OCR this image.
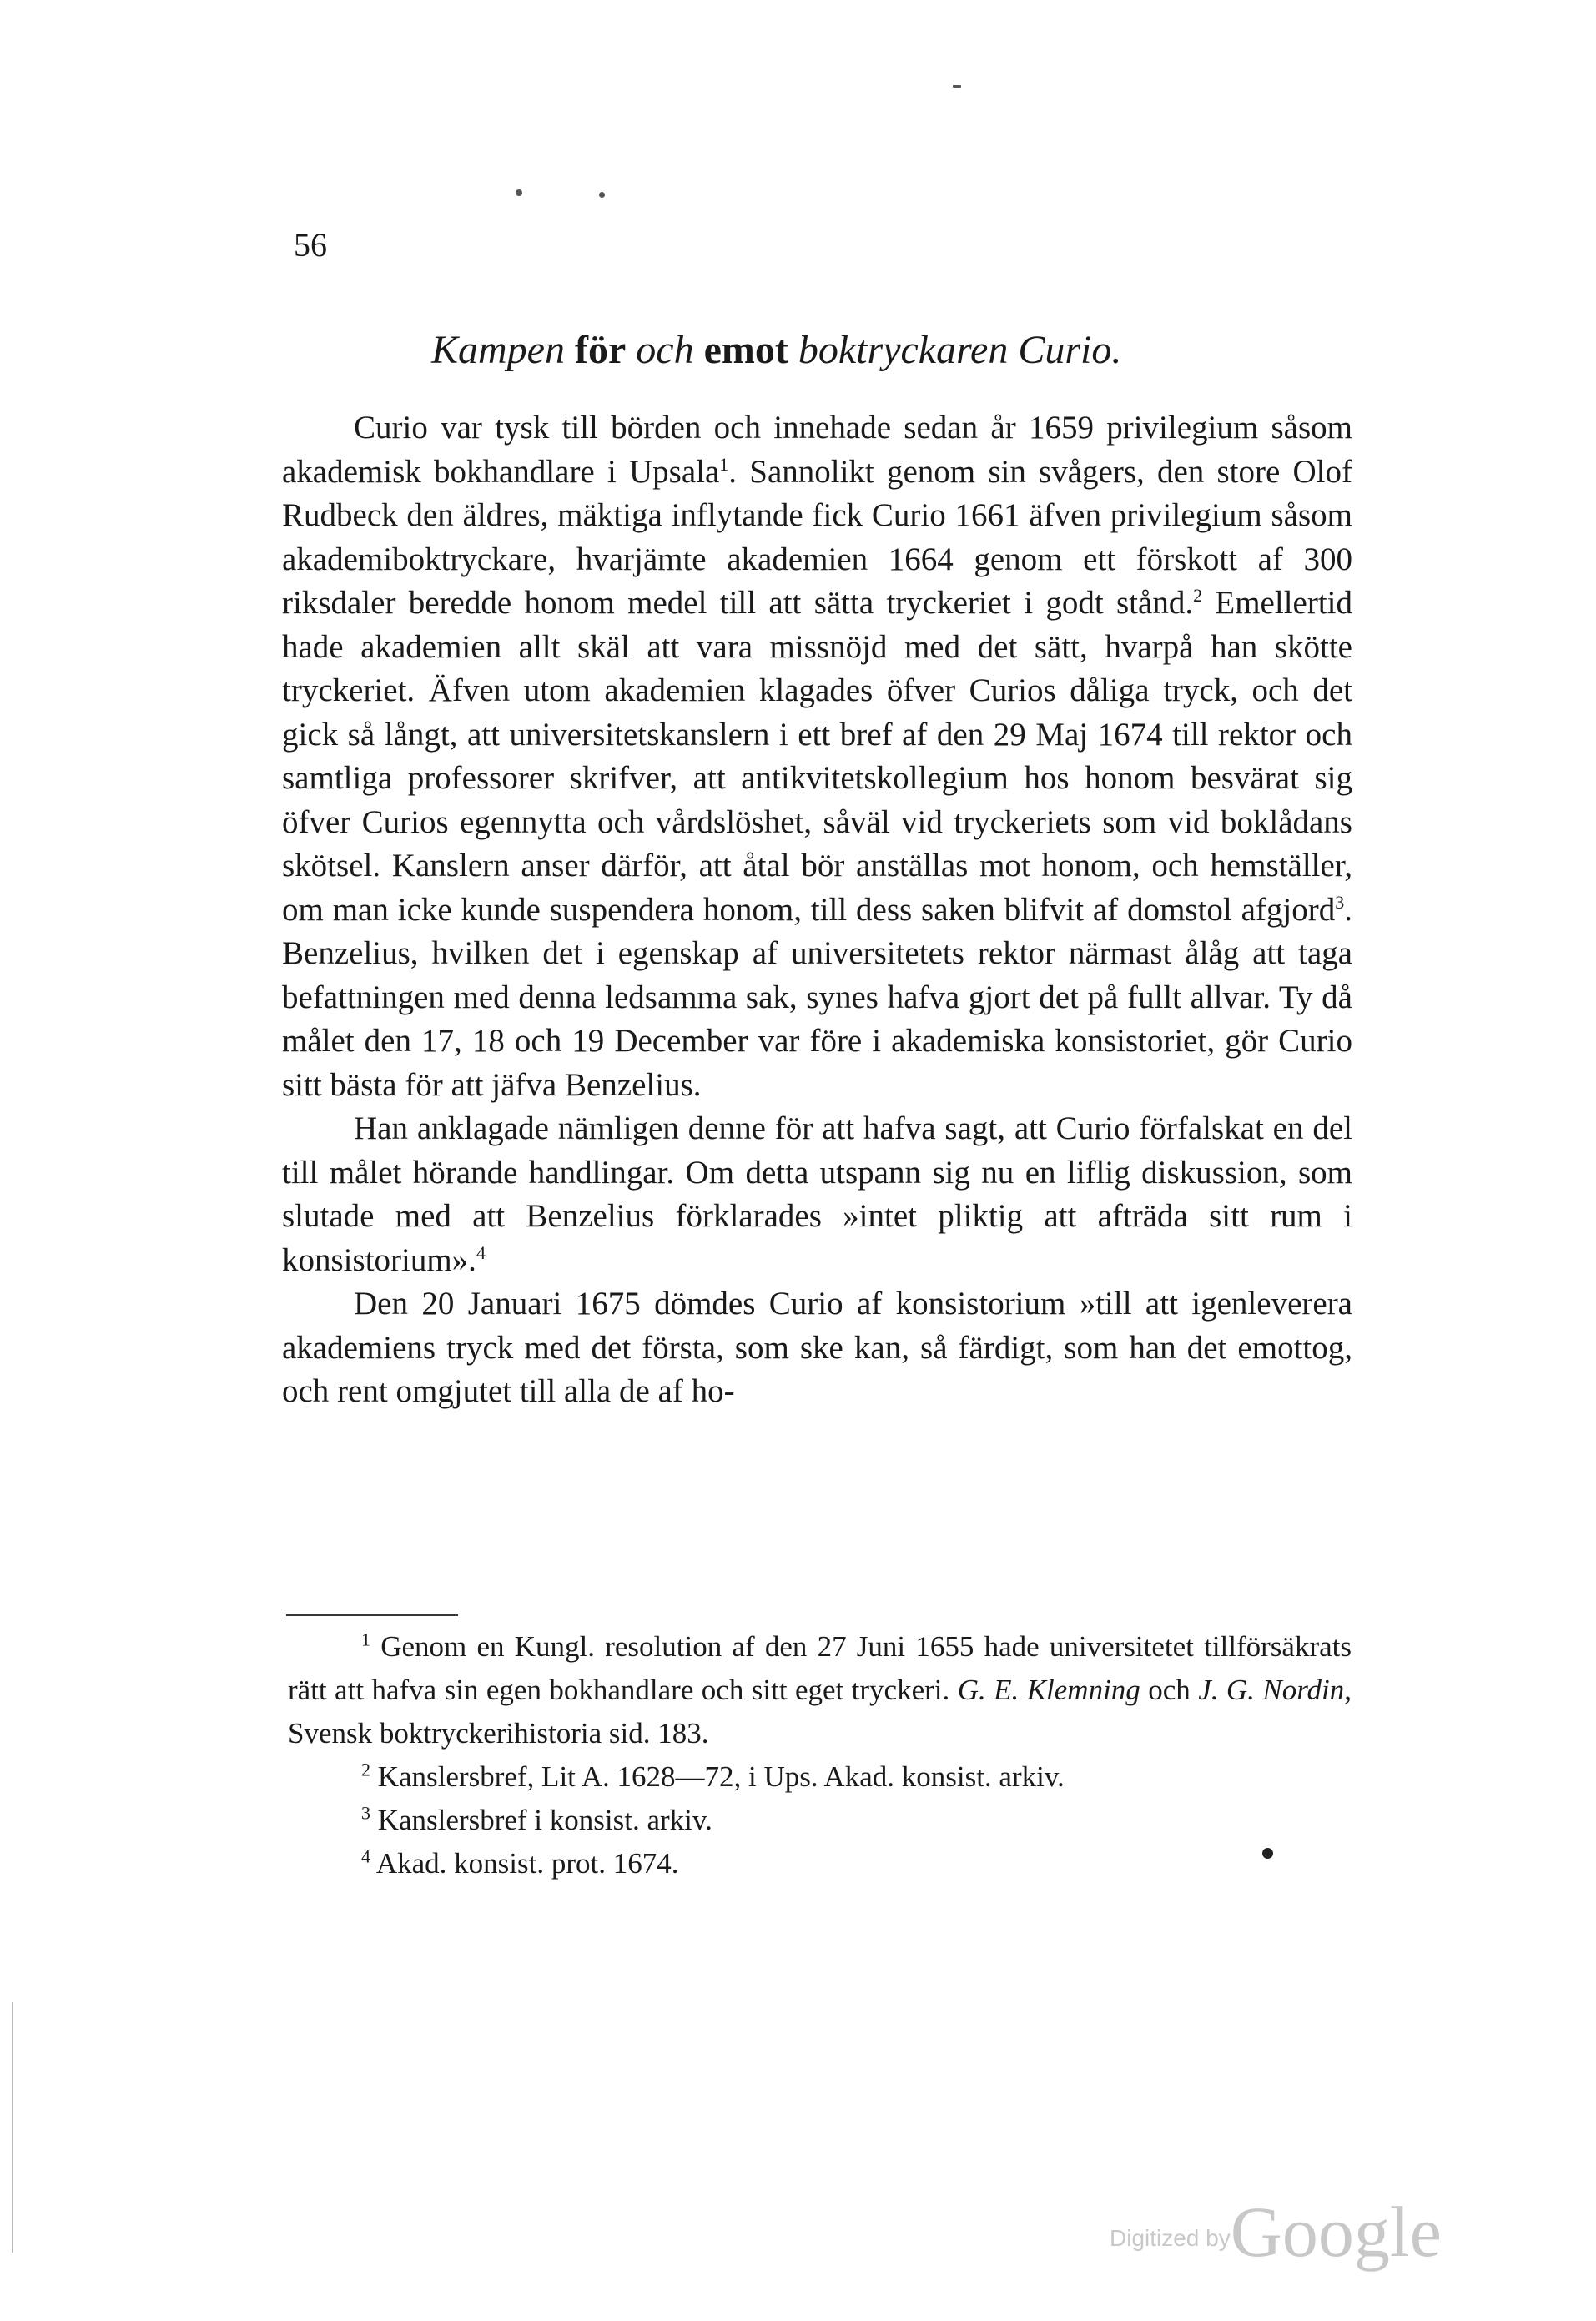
56
Kampen för och emot boktryckaren Curio.

Curio var tysk till börden och innehade sedan år 1659 privilegium såsom akademisk bokhandlare i Upsala$^1$. Sannolikt genom sin svågers, den store Olof Rudbeck den äldres, mäktiga inflytande fick Curio 1661 äfven privilegium såsom akademiboktryckare, hvarjämte akademien 1664 genom ett förskott af 300 riksdaler beredde honom medel till att sätta tryckeriet i godt stånd.$^2$ Emellertid hade akademien allt skäl att vara missnöjd med det sätt, hvarpå han skötte tryckeriet. Äfven utom akademien klagades öfver Curios dåliga tryck, och det gick så långt, att universitetskanslern i ett bref af den 29 Maj 1674 till rektor och samtliga professorer skrifver, att antikvitetskollegium hos honom besvärat sig öfver Curios egennytta och vårdslöshet, såväl vid tryckeriets som vid boklådans skötsel. Kanslern anser därför, att åtal bör anställas mot honom, och hemställer, om man icke kunde suspendera honom, till dess saken blifvit af domstol afgjord$^3$. Benzelius, hvilken det i egenskap af universitetets rektor närmast ålåg att taga befattningen med denna ledsamma sak, synes hafva gjort det på fullt allvar. Ty då målet den 17, 18 och 19 December var före i akademiska konsistoriet, gör Curio sitt bästa för att jäfva Benzelius.

Han anklagade nämligen denne för att hafva sagt, att Curio förfalskat en del till målet hörande handlingar. Om detta utspann sig nu en liflig diskussion, som slutade med att Benzelius förklarades »intet pliktig att afträda sitt rum i konsistorium».$^4$

Den 20 Januari 1675 dömdes Curio af konsistorium »till att igenleverera akademiens tryck med det första, som ske kan, så färdigt, som han det emottog, och rent omgjutet till alla de af ho-

$^1$ Genom en Kungl. resolution af den 27 Juni 1655 hade universitetet tillförsäkrats rätt att hafva sin egen bokhandlare och sitt eget tryckeri. G. E. Klemning och J. G. Nordin, Svensk boktryckerihistoria sid. 183.

$^2$ Kanslersbref, Lit A. 1628—72, i Ups. Akad. konsist. arkiv.

$^3$ Kanslersbref i konsist. arkiv.

$^4$ Akad. konsist. prot. 1674.

Digitized byGoogle
